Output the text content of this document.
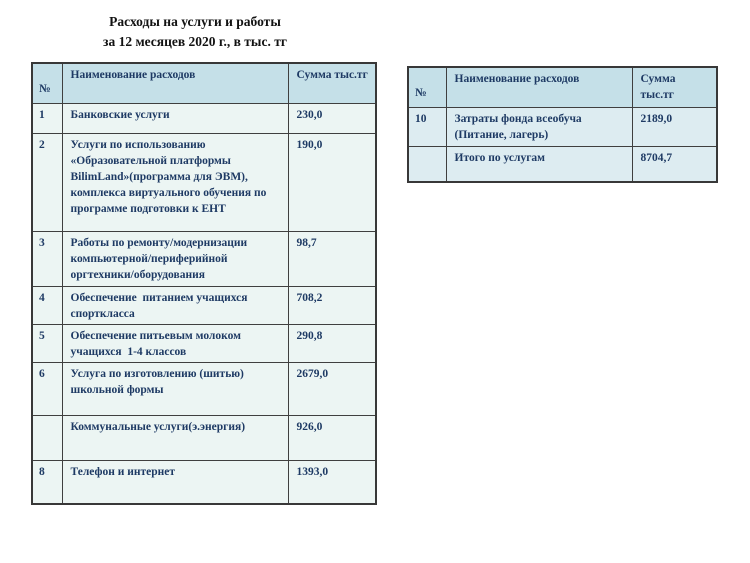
Расходы на услуги и работы
за 12 месяцев 2020 г., в тыс. тг
№	Наименование расходов	Сумма тыс.тг
1	Банковские услуги	230,0
2	Услуги по использованию «Образовательной платформы BilimLand»(программа для ЭВМ), комплекса виртуального обучения по программе подготовки к ЕНТ	190,0
3	Работы по ремонту/модернизации компьютерной/периферийной оргтехники/оборудования	98,7
4	Обеспечение  питанием учащихся спорткласса	708,2
5	Обеспечение питьевым молоком учащихся  1-4 классов	290,8
6	Услуга по изготовлению (шитью) школьной формы	2679,0
	Коммунальные услуги(э.энергия)	926,0
8	Телефон и интернет	1393,0
№	Наименование расходов	Сумма тыс.тг
10	Затраты фонда всеобуча (Питание, лагерь)	2189,0
	Итого по услугам	8704,7
